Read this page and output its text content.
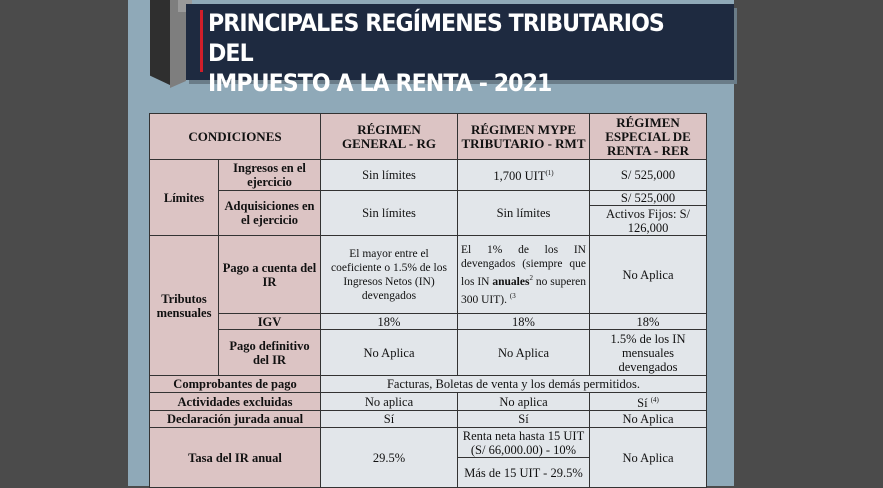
PRINCIPALES REGÍMENES TRIBUTARIOS DEL
IMPUESTO A LA RENTA - 2021
CONDICIONES		RÉGIMEN GENERAL - RG	RÉGIMEN MYPE TRIBUTARIO - RMT	RÉGIMEN ESPECIAL DE RENTA - RER
Límites	Ingresos en el ejercicio	Sin límites	1,700 UIT$^{(1)}$	S/ 525,000
	Adquisiciones en el ejercicio	Sin límites	Sin límites	S/ 525,000
				Activos Fijos: S/ 126,000
Tributos mensuales	Pago a cuenta del IR	El mayor entre el coeficiente o 1.5% de los Ingresos Netos (IN) devengados	El 1% de los IN devengados (siempre que los IN anuales$^2$ no superen 300 UIT). $^{(3}$	No Aplica
	IGV	18%	18%	18%
	Pago definitivo del IR	No Aplica	No Aplica	1.5% de los IN mensuales devengados
Comprobantes de pago		Facturas, Boletas de venta y los demás permitidos.		
Actividades excluidas		No aplica	No aplica	Sí $^{(4)}$
Declaración jurada anual		Sí	Sí	No Aplica
Tasa del IR anual		29.5%	Renta neta hasta 15 UIT (S/ 66,000.00) - 10%	No Aplica
			Más de 15 UIT - 29.5%	
